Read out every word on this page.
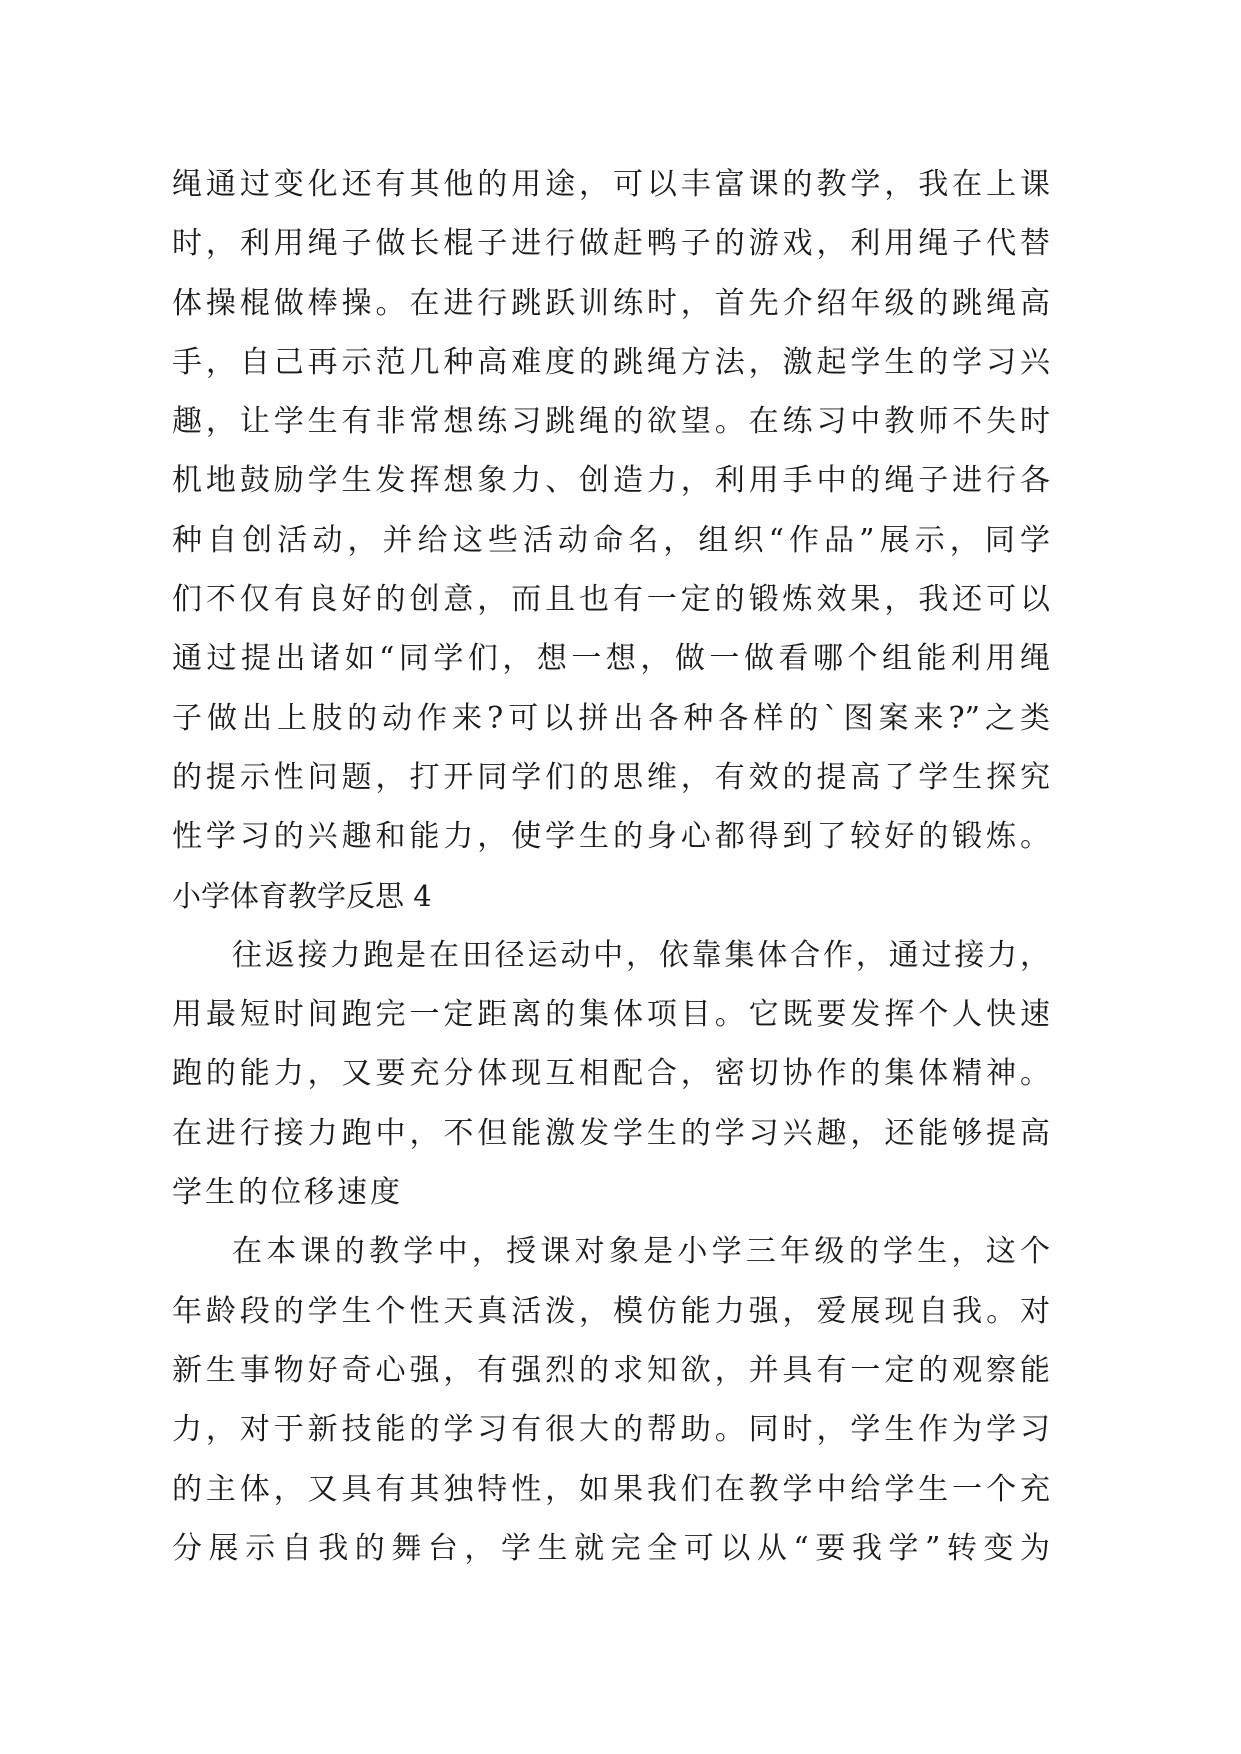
绳通过变化还有其他的用途，可以丰富课的教学，我在上课
时，利用绳子做长棍子进行做赶鸭子的游戏，利用绳子代替
体操棍做棒操。在进行跳跃训练时，首先介绍年级的跳绳高
手，自己再示范几种高难度的跳绳方法，激起学生的学习兴
趣，让学生有非常想练习跳绳的欲望。在练习中教师不失时
机地鼓励学生发挥想象力、创造力，利用手中的绳子进行各
种自创活动，并给这些活动命名，组织“作品”展示，同学
们不仅有良好的创意，而且也有一定的锻炼效果，我还可以
通过提出诸如“同学们，想一想，做一做看哪个组能利用绳
子做出上肢的动作来?可以拼出各种各样的`图案来?”之类
的提示性问题，打开同学们的思维，有效的提高了学生探究
性学习的兴趣和能力，使学生的身心都得到了较好的锻炼。
小学体育教学反思 4
往返接力跑是在田径运动中，依靠集体合作，通过接力，
用最短时间跑完一定距离的集体项目。它既要发挥个人快速
跑的能力，又要充分体现互相配合，密切协作的集体精神。
在进行接力跑中，不但能激发学生的学习兴趣，还能够提高
学生的位移速度
在本课的教学中，授课对象是小学三年级的学生，这个
年龄段的学生个性天真活泼，模仿能力强，爱展现自我。对
新生事物好奇心强，有强烈的求知欲，并具有一定的观察能
力，对于新技能的学习有很大的帮助。同时，学生作为学习
的主体，又具有其独特性，如果我们在教学中给学生一个充
分展示自我的舞台，学生就完全可以从“要我学”转变为
